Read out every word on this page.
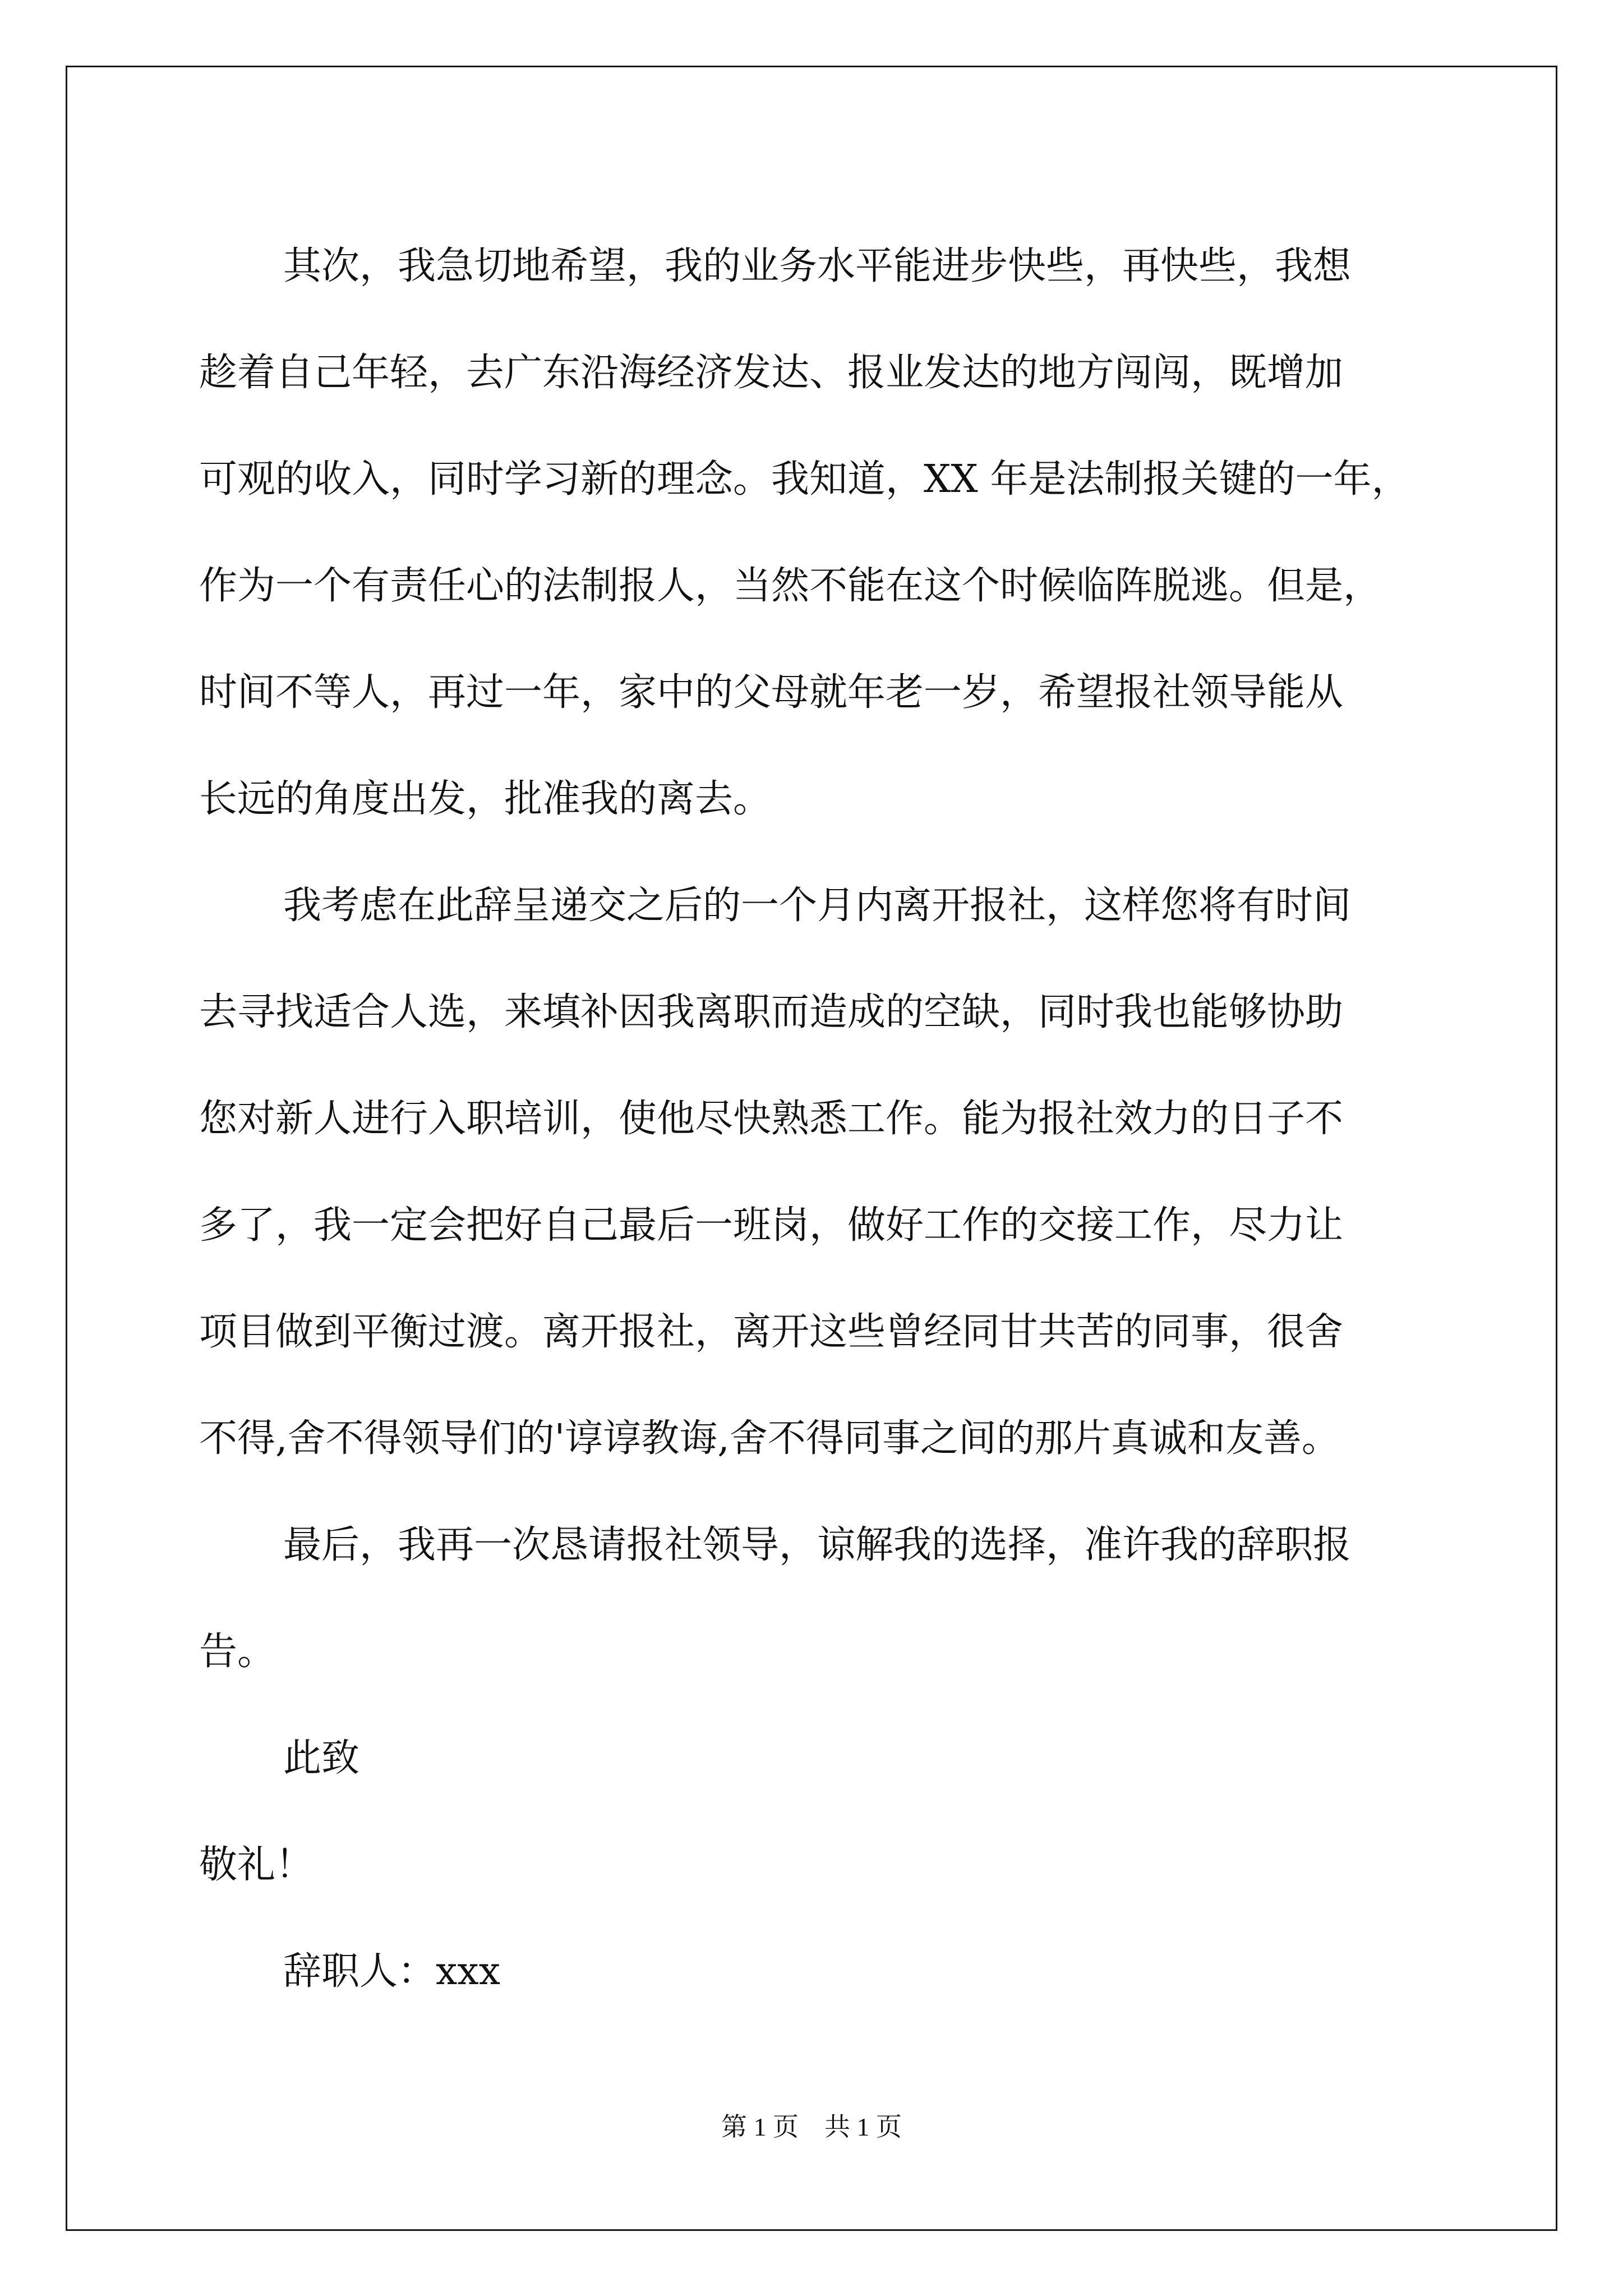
其次，我急切地希望，我的业务水平能进步快些，再快些，我想
趁着自己年轻，去广东沿海经济发达、报业发达的地方闯闯，既增加
可观的收入，同时学习新的理念。我知道，XX 年是法制报关键的一年，
作为一个有责任心的法制报人，当然不能在这个时候临阵脱逃。但是，
时间不等人，再过一年，家中的父母就年老一岁，希望报社领导能从
长远的角度出发，批准我的离去。
我考虑在此辞呈递交之后的一个月内离开报社，这样您将有时间
去寻找适合人选，来填补因我离职而造成的空缺，同时我也能够协助
您对新人进行入职培训，使他尽快熟悉工作。能为报社效力的日子不
多了，我一定会把好自己最后一班岗，做好工作的交接工作，尽力让
项目做到平衡过渡。离开报社，离开这些曾经同甘共苦的同事，很舍
不得,舍不得领导们的'谆谆教诲,舍不得同事之间的那片真诚和友善。
最后，我再一次恳请报社领导，谅解我的选择，准许我的辞职报
告。
此致
敬礼！
辞职人：xxx
第 1 页    共 1 页
